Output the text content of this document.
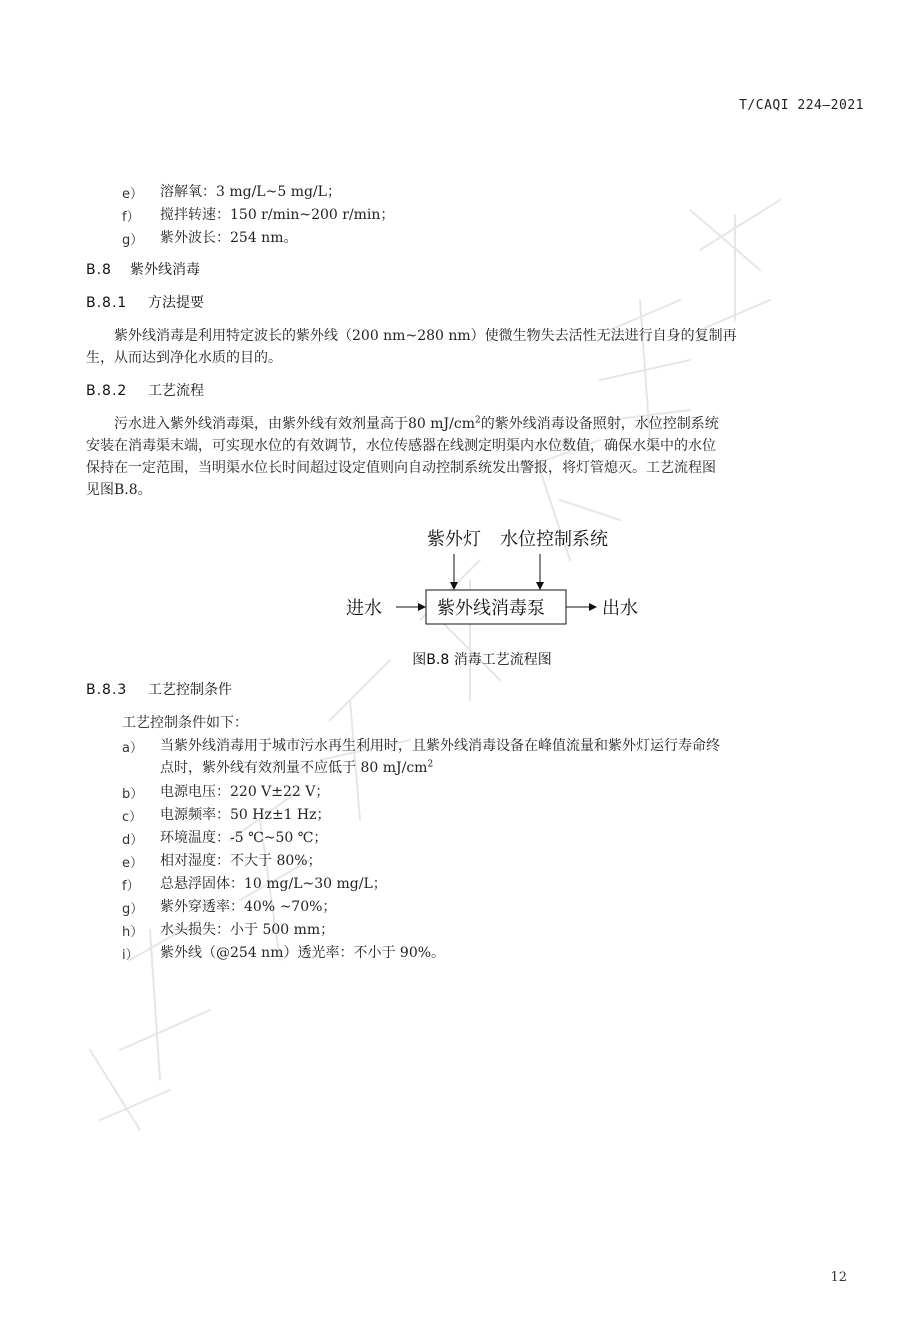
T/CAQI 224—2021
e） 溶解氧：3 mg/L~5 mg/L；
f） 搅拌转速：150 r/min~200 r/min；
g） 紫外波长：254 nm。
B.8 紫外线消毒
B.8.1 方法提要
紫外线消毒是利用特定波长的紫外线（200 nm~280 nm）使微生物失去活性无法进行自身的复制再
生，从而达到净化水质的目的。
B.8.2 工艺流程
污水进入紫外线消毒渠，由紫外线有效剂量高于80 $mJ/cm^2$的紫外线消毒设备照射，水位控制系统
安装在消毒渠末端，可实现水位的有效调节，水位传感器在线测定明渠内水位数值，确保水渠中的水位
保持在一定范围，当明渠水位长时间超过设定值则向自动控制系统发出警报，将灯管熄灭。工艺流程图
见图B.8。
紫外灯 水位控制系统
紫外线消毒泵
进水	出水
图B.8 消毒工艺流程图
B.8.3 工艺控制条件
工艺控制条件如下：
a） 当紫外线消毒用于城市污水再生利用时，且紫外线消毒设备在峰值流量和紫外灯运行寿命终
点时，紫外线有效剂量不应低于 80 $mJ/cm^2$
b） 电源电压：220 V±22 V；
c） 电源频率：50 Hz±1 Hz；
d） 环境温度：-5 ℃~50 ℃；
e） 相对湿度：不大于 80%；
f） 总悬浮固体：10 mg/L~30 mg/L；
g） 紫外穿透率：40% ~70%；
h） 水头损失：小于 500 mm；
i） 紫外线（@254 nm）透光率：不小于 90%。
12
